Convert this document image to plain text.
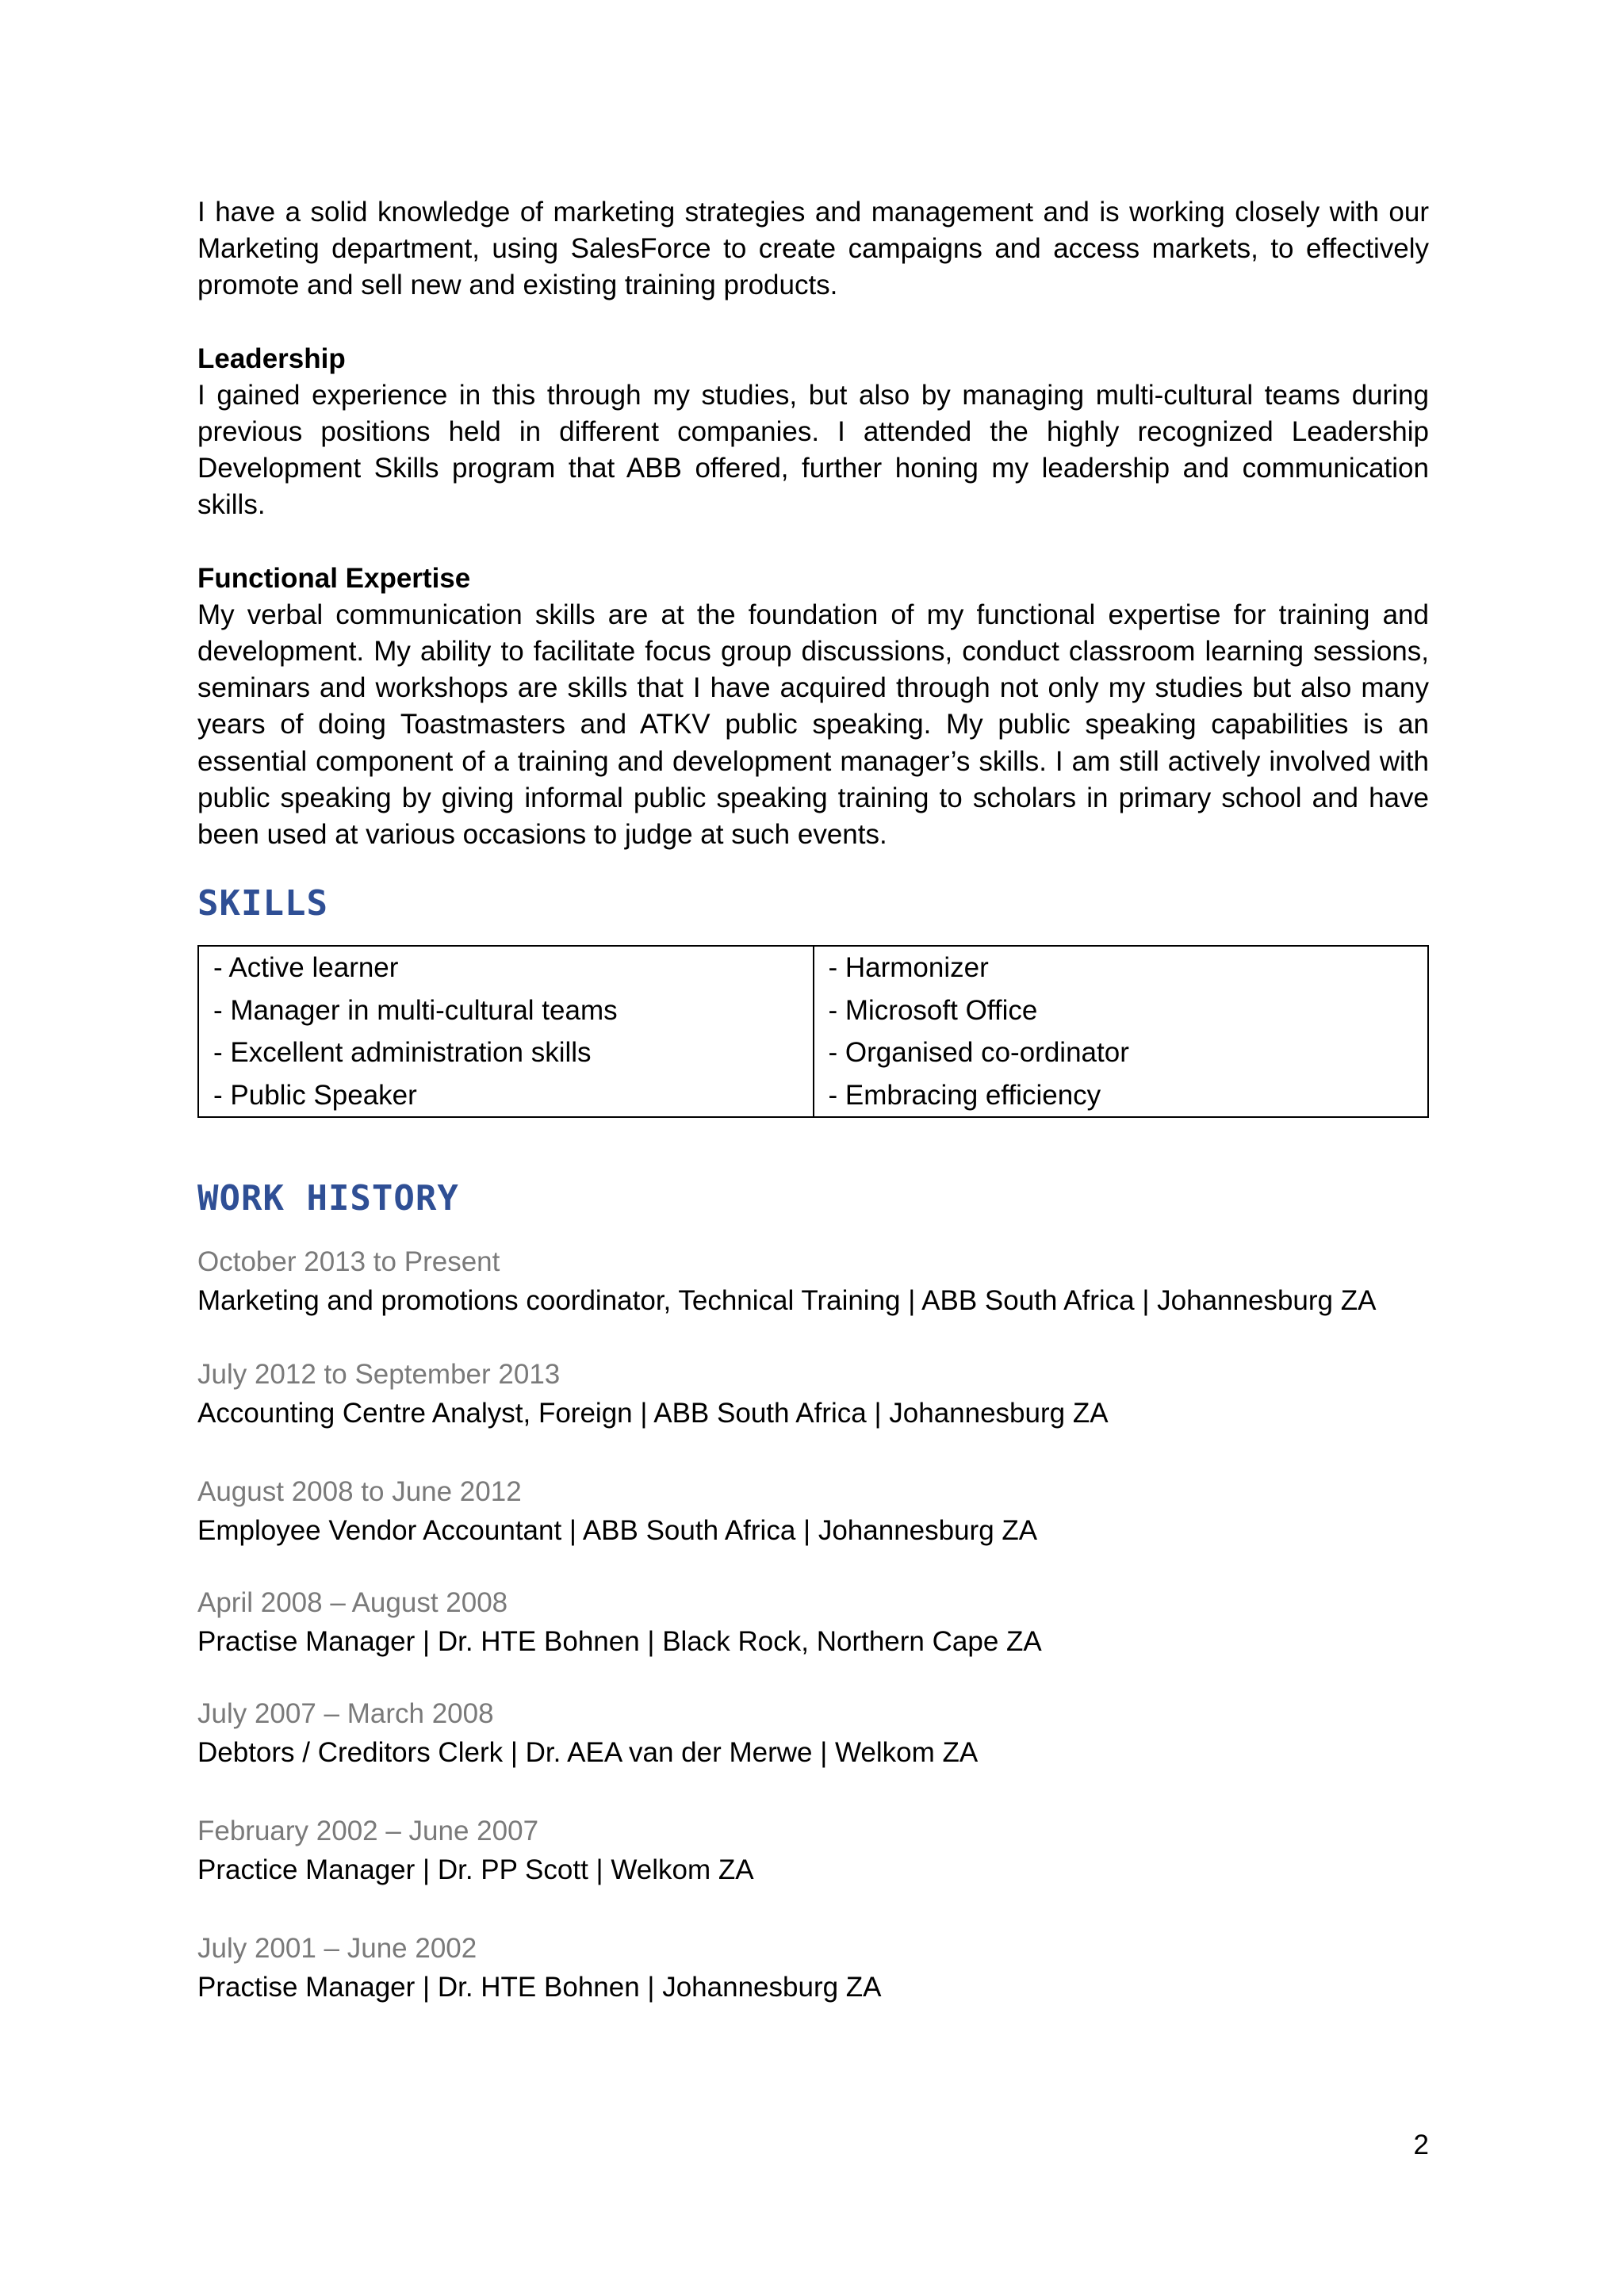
I have a solid knowledge of marketing strategies and management and is working closely with our Marketing department, using SalesForce to create campaigns and access markets, to effectively promote and sell new and existing training products.

Leadership

I gained experience in this through my studies, but also by managing multi-cultural teams during previous positions held in different companies. I attended the highly recognized Leadership Development Skills program that ABB offered, further honing my leadership and communication skills.

Functional Expertise

My verbal communication skills are at the foundation of my functional expertise for training and development. My ability to facilitate focus group discussions, conduct classroom learning sessions, seminars and workshops are skills that I have acquired through not only my studies but also many years of doing Toastmasters and ATKV public speaking. My public speaking capabilities is an essential component of a training and development manager’s skills. I am still actively involved with public speaking by giving informal public speaking training to scholars in primary school and have been used at various occasions to judge at such events.

SKILLS
- Active learner	- Harmonizer
- Manager in multi-cultural teams	- Microsoft Office
- Excellent administration skills	- Organised co-ordinator
- Public Speaker	- Embracing efficiency
WORK HISTORY
October 2013 to Present
Marketing and promotions coordinator, Technical Training | ABB South Africa | Johannesburg ZA
July 2012 to September 2013
Accounting Centre Analyst, Foreign | ABB South Africa | Johannesburg ZA
August 2008 to June 2012
Employee Vendor Accountant | ABB South Africa | Johannesburg ZA
April 2008 – August 2008
Practise Manager | Dr. HTE Bohnen | Black Rock, Northern Cape ZA
July 2007 – March 2008
Debtors / Creditors Clerk | Dr. AEA van der Merwe | Welkom ZA
February 2002 – June 2007
Practice Manager | Dr. PP Scott | Welkom ZA
July 2001 – June 2002
Practise Manager | Dr. HTE Bohnen | Johannesburg ZA
2
